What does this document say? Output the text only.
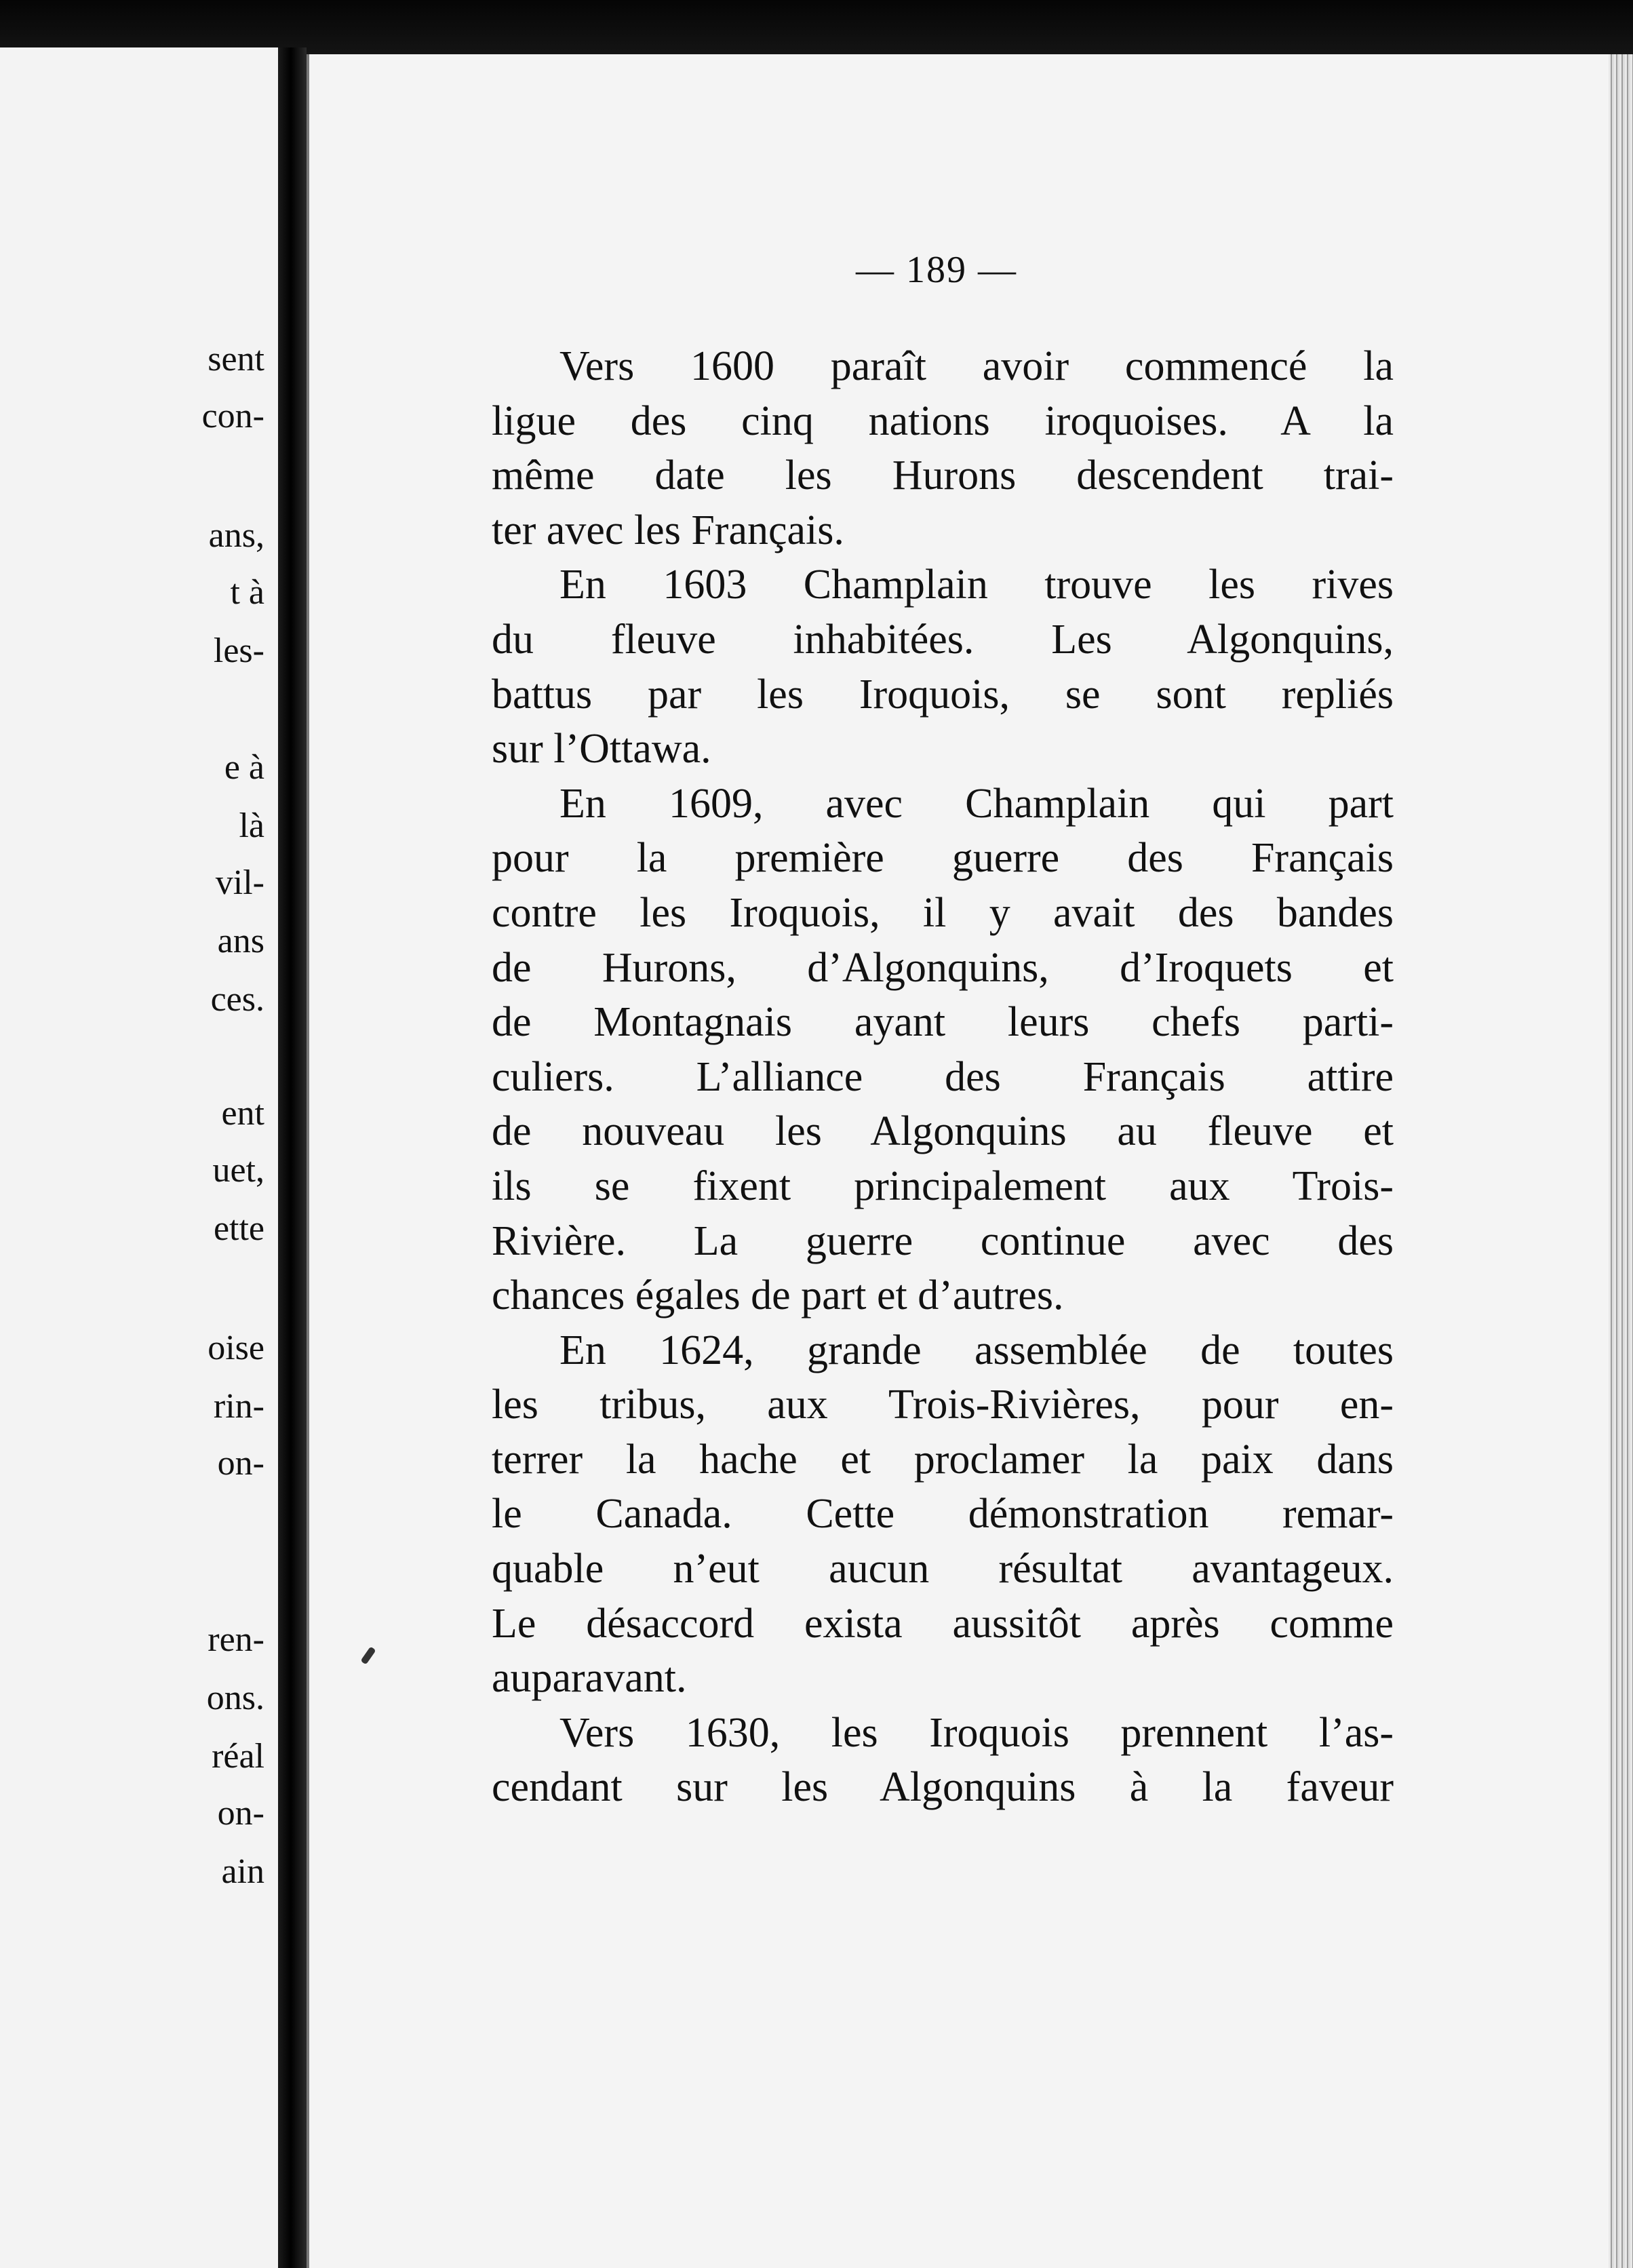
sent
con-
ans,
t à
les-
e à
là
vil-
ans
ces.
ent
uet,
ette
oise
rin-
on-
ren-
ons.
réal
on-
ain
— 189 —
Vers 1600 paraît avoir commencé la
ligue des cinq nations iroquoises. A la
même date les Hurons descendent trai-
ter avec les Français.
En 1603 Champlain trouve les rives
du fleuve inhabitées. Les Algonquins,
battus par les Iroquois, se sont repliés
sur l’Ottawa.
En 1609, avec Champlain qui part
pour la première guerre des Français
contre les Iroquois, il y avait des bandes
de Hurons, d’Algonquins, d’Iroquets et
de Montagnais ayant leurs chefs parti-
culiers. L’alliance des Français attire
de nouveau les Algonquins au fleuve et
ils se fixent principalement aux Trois-
Rivière. La guerre continue avec des
chances égales de part et d’autres.
En 1624, grande assemblée de toutes
les tribus, aux Trois-Rivières, pour en-
terrer la hache et proclamer la paix dans
le Canada. Cette démonstration remar-
quable n’eut aucun résultat avantageux.
Le désaccord exista aussitôt après comme
auparavant.
Vers 1630, les Iroquois prennent l’as-
cendant sur les Algonquins à la faveur
